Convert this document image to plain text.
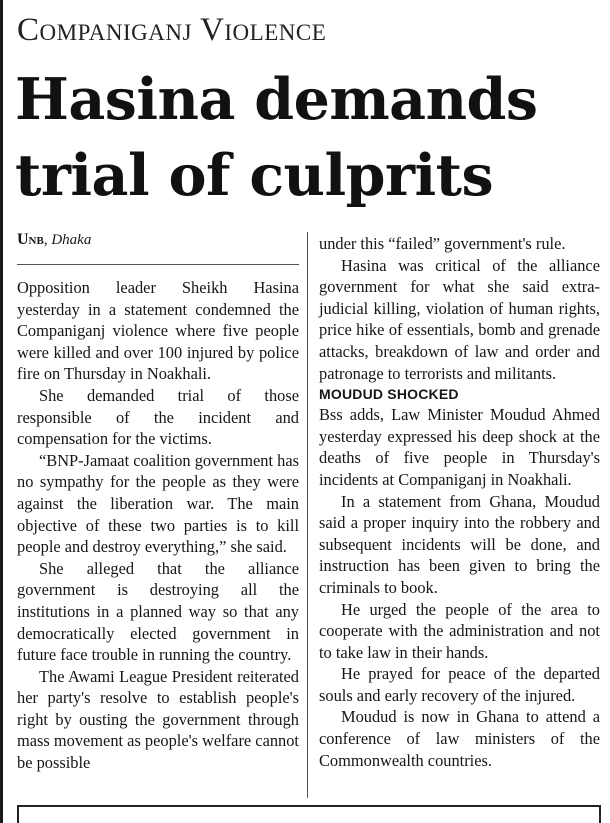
Companiganj Violence
Hasina demands
trial of culprits
Unb, Dhaka

Opposition leader Sheikh Hasina yesterday in a statement condemned the Companiganj violence where five people were killed and over 100 injured by police fire on Thursday in Noakhali.

She demanded trial of those responsible of the incident and compensation for the victims.

“BNP-Jamaat coalition government has no sympathy for the people as they were against the liberation war. The main objective of these two parties is to kill people and destroy everything,” she said.

She alleged that the alliance government is destroying all the institutions in a planned way so that any democratically elected government in future face trouble in running the country.

The Awami League President reiterated her party's resolve to establish people's right by ousting the government through mass movement as people's welfare cannot be possible

under this “failed” government's rule.

Hasina was critical of the alliance government for what she said extra-judicial killing, violation of human rights, price hike of essentials, bomb and grenade attacks, breakdown of law and order and patronage to terrorists and militants.

MOUDUD SHOCKED

Bss adds, Law Minister Moudud Ahmed yesterday expressed his deep shock at the deaths of five people in Thursday's incidents at Companiganj in Noakhali.

In a statement from Ghana, Moudud said a proper inquiry into the robbery and subsequent incidents will be done, and instruction has been given to bring the criminals to book.

He urged the people of the area to cooperate with the administration and not to take law in their hands.

He prayed for peace of the departed souls and early recovery of the injured.

Moudud is now in Ghana to attend a conference of law ministers of the Commonwealth countries.
